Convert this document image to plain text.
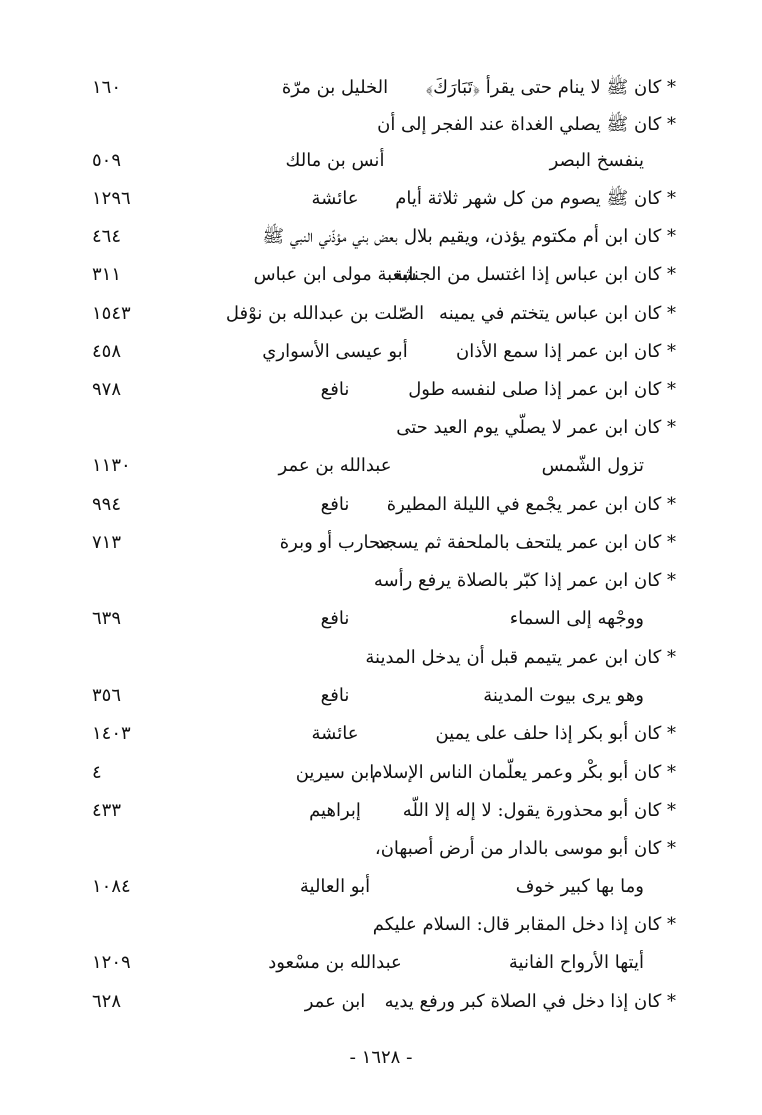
* كان ﷺ لا ينام حتى يقرأ ﴿تَبَارَكَ﴾
الخليل بن مرّة
١٦٠
* كان ﷺ يصلي الغداة عند الفجر إلى أن
ينفسخ البصر
أنس بن مالك
٥٠٩
* كان ﷺ يصوم من كل شهر ثلاثة أيام
عائشة
١٢٩٦
* كان ابن أم مكتوم يؤذن، ويقيم بلال
بعض بني مؤذّني النبي ﷺ
٤٦٤
* كان ابن عباس إذا اغتسل من الجنابة
شعبة مولى ابن عباس
٣١١
* كان ابن عباس يتختم في يمينه
الصّلت بن عبدالله بن نوْفل
١٥٤٣
* كان ابن عمر إذا سمع الأذان
أبو عيسى الأسواري
٤٥٨
* كان ابن عمر إذا صلى لنفسه طول
نافع
٩٧٨
* كان ابن عمر لا يصلّي يوم العيد حتى
تزول الشّمس
عبدالله بن عمر
١١٣٠
* كان ابن عمر يجْمع في الليلة المطيرة
نافع
٩٩٤
* كان ابن عمر يلتحف بالملحفة ثم يسجد
محارب أو وبرة
٧١٣
* كان ابن عمر إذا كبّر بالصلاة يرفع رأسه
ووجْهه إلى السماء
نافع
٦٣٩
* كان ابن عمر يتيمم قبل أن يدخل المدينة
وهو يرى بيوت المدينة
نافع
٣٥٦
* كان أبو بكر إذا حلف على يمين
عائشة
١٤٠٣
* كان أبو بكْر وعمر يعلّمان الناس الإسلام
ابن سيرين
٤
* كان أبو محذورة يقول: لا إله إلا اللّه
إبراهيم
٤٣٣
* كان أبو موسى بالدار من أرض أصبهان،
وما بها كبير خوف
أبو العالية
١٠٨٤
* كان إذا دخل المقابر قال: السلام عليكم
أيتها الأرواح الفانية
عبدالله بن مسْعود
١٢٠٩
* كان إذا دخل في الصلاة كبر ورفع يديه
ابن عمر
٦٢٨
- ١٦٢٨ -
